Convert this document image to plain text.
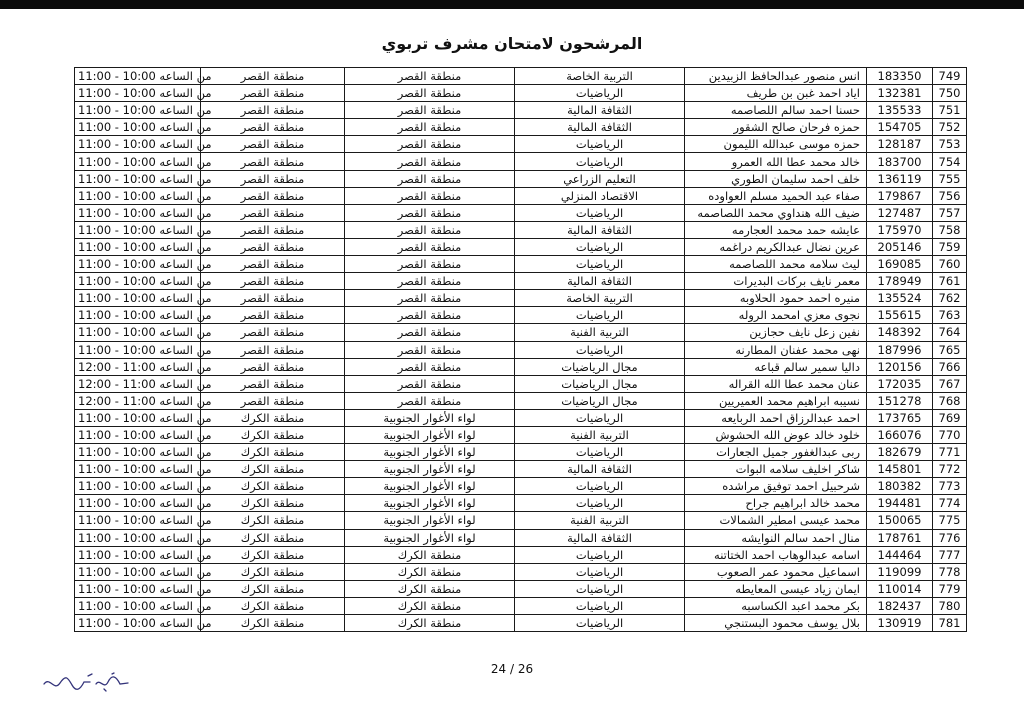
المرشحون لامتحان مشرف تربوي
من الساعه 10:00 - 11:00	منطقة القصر	منطقة القصر	التربية الخاصة	انس منصور عبدالحافظ الزبيدين	183350	749
من الساعه 10:00 - 11:00	منطقة القصر	منطقة القصر	الرياضيات	اياد احمد غبن بن طريف	132381	750
من الساعه 10:00 - 11:00	منطقة القصر	منطقة القصر	الثقافة المالية	حسنا احمد سالم اللصاصمه	135533	751
من الساعه 10:00 - 11:00	منطقة القصر	منطقة القصر	الثقافة المالية	حمزه فرحان صالح الشقور	154705	752
من الساعه 10:00 - 11:00	منطقة القصر	منطقة القصر	الرياضيات	حمزه موسى عبدالله الليمون	128187	753
من الساعه 10:00 - 11:00	منطقة القصر	منطقة القصر	الرياضيات	خالد محمد عطا الله العمرو	183700	754
من الساعه 10:00 - 11:00	منطقة القصر	منطقة القصر	التعليم الزراعي	خلف احمد سليمان الطوري	136119	755
من الساعه 10:00 - 11:00	منطقة القصر	منطقة القصر	الاقتصاد المنزلي	صفاء عبد الحميد مسلم العواوده	179867	756
من الساعه 10:00 - 11:00	منطقة القصر	منطقة القصر	الرياضيات	ضيف الله هنداوي محمد اللصاصمه	127487	757
من الساعه 10:00 - 11:00	منطقة القصر	منطقة القصر	الثقافة المالية	عايشه حمد محمد العجارمه	175970	758
من الساعه 10:00 - 11:00	منطقة القصر	منطقة القصر	الرياضيات	عرين نضال عبدالكريم دراغمه	205146	759
من الساعه 10:00 - 11:00	منطقة القصر	منطقة القصر	الرياضيات	ليث سلامه محمد اللصاصمه	169085	760
من الساعه 10:00 - 11:00	منطقة القصر	منطقة القصر	الثقافة المالية	معمر نايف بركات البديرات	178949	761
من الساعه 10:00 - 11:00	منطقة القصر	منطقة القصر	التربية الخاصة	منيره احمد حمود الحلاوبه	135524	762
من الساعه 10:00 - 11:00	منطقة القصر	منطقة القصر	الرياضيات	نجوى معزي امحمد الروله	155615	763
من الساعه 10:00 - 11:00	منطقة القصر	منطقة القصر	التربية الفنية	نفين زعل نايف حجازين	148392	764
من الساعه 10:00 - 11:00	منطقة القصر	منطقة القصر	الرياضيات	نهى محمد عفنان المطارنه	187996	765
من الساعه 11:00 - 12:00	منطقة القصر	منطقة القصر	مجال الرياضيات	داليا سمير سالم قباعه	120156	766
من الساعه 11:00 - 12:00	منطقة القصر	منطقة القصر	مجال الرياضيات	عنان محمد عطا الله القراله	172035	767
من الساعه 11:00 - 12:00	منطقة القصر	منطقة القصر	مجال الرياضيات	نسيبه ابراهيم محمد العميريين	151278	768
من الساعه 10:00 - 11:00	منطقة الكرك	لواء الأغوار الجنوبية	الرياضيات	احمد عبدالرزاق احمد الربايعه	173765	769
من الساعه 10:00 - 11:00	منطقة الكرك	لواء الأغوار الجنوبية	التربية الفنية	خلود خالد عوض الله الحشوش	166076	770
من الساعه 10:00 - 11:00	منطقة الكرك	لواء الأغوار الجنوبية	الرياضيات	ربى عبدالغفور جميل الجعارات	182679	771
من الساعه 10:00 - 11:00	منطقة الكرك	لواء الأغوار الجنوبية	الثقافة المالية	شاكر اخليف سلامه البوات	145801	772
من الساعه 10:00 - 11:00	منطقة الكرك	لواء الأغوار الجنوبية	الرياضيات	شرحبيل احمد توفيق مراشده	180382	773
من الساعه 10:00 - 11:00	منطقة الكرك	لواء الأغوار الجنوبية	الرياضيات	محمد خالد ابراهيم جراح	194481	774
من الساعه 10:00 - 11:00	منطقة الكرك	لواء الأغوار الجنوبية	التربية الفنية	محمد عيسى امطير الشمالات	150065	775
من الساعه 10:00 - 11:00	منطقة الكرك	لواء الأغوار الجنوبية	الثقافة المالية	منال احمد سالم النوايشه	178761	776
من الساعه 10:00 - 11:00	منطقة الكرك	منطقة الكرك	الرياضيات	اسامه عبدالوهاب احمد الختاتنه	144464	777
من الساعه 10:00 - 11:00	منطقة الكرك	منطقة الكرك	الرياضيات	اسماعيل محمود عمر الصعوب	119099	778
من الساعه 10:00 - 11:00	منطقة الكرك	منطقة الكرك	الرياضيات	ايمان زياد عيسى المعايطه	110014	779
من الساعه 10:00 - 11:00	منطقة الكرك	منطقة الكرك	الرياضيات	بكر محمد اعبد الكساسبه	182437	780
من الساعه 10:00 - 11:00	منطقة الكرك	منطقة الكرك	الرياضيات	بلال يوسف محمود البستنجي	130919	781
24 / 26
